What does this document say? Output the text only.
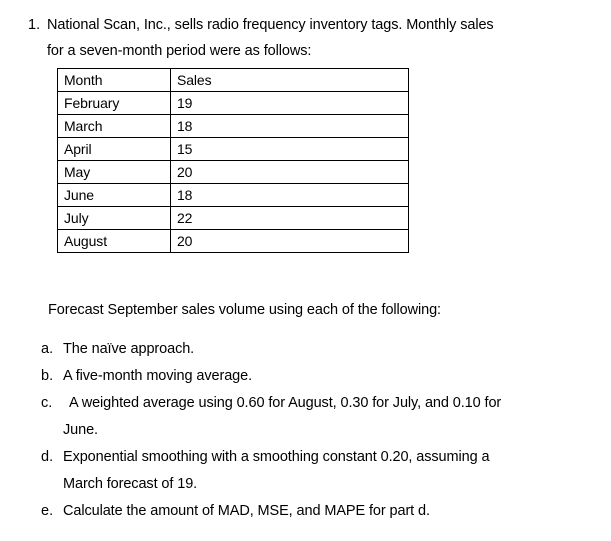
1. National Scan, Inc., sells radio frequency inventory tags. Monthly sales
for a seven-month period were as follows:
Month	Sales
February	19
March	18
April	15
May	20
June	18
July	22
August	20
Forecast September sales volume using each of the following:
a. The naïve approach.
b. A five-month moving average.
c.	A weighted average using 0.60 for August, 0.30 for July, and 0.10 for
June.
d. Exponential smoothing with a smoothing constant 0.20, assuming a
March forecast of 19.
e. Calculate the amount of MAD, MSE, and MAPE for part d.
